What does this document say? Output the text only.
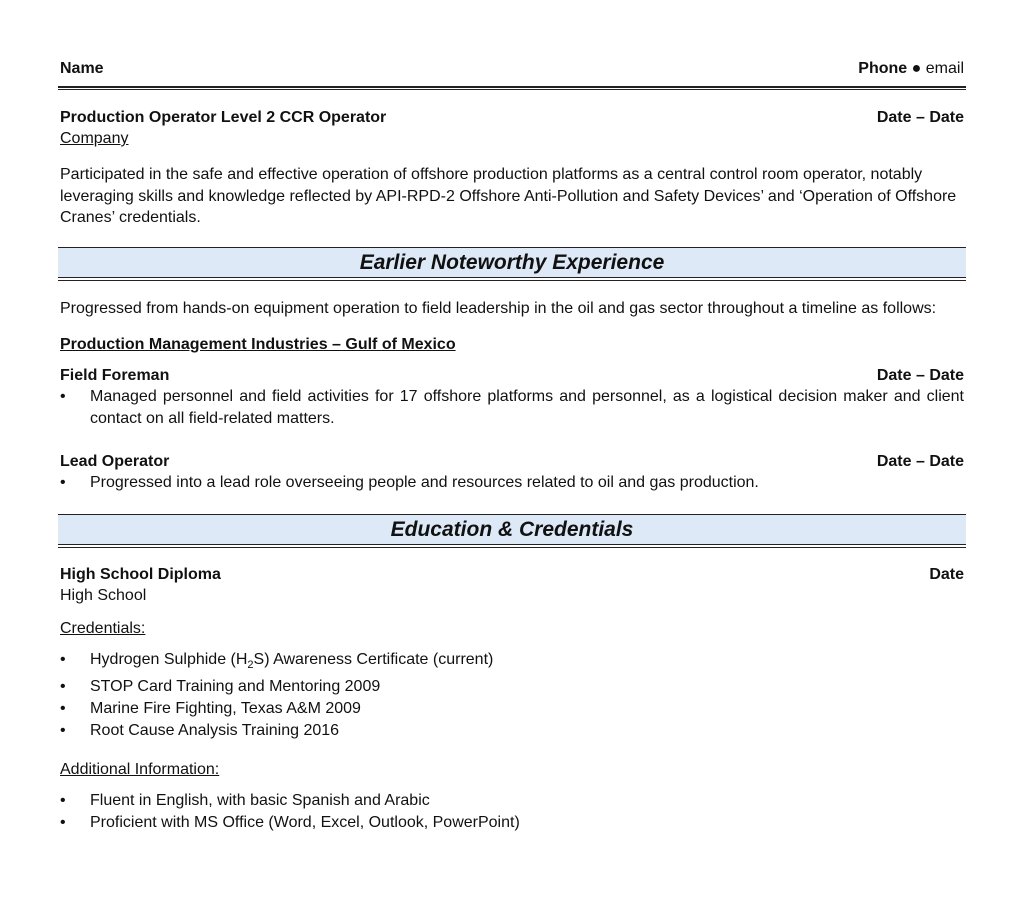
Name	Phone ● email
Production Operator Level 2 CCR Operator	Date – Date
Company
Participated in the safe and effective operation of offshore production platforms as a central control room operator, notably leveraging skills and knowledge reflected by API-RPD-2 Offshore Anti-Pollution and Safety Devices’ and ‘Operation of Offshore Cranes’ credentials.
Earlier Noteworthy Experience
Progressed from hands-on equipment operation to field leadership in the oil and gas sector throughout a timeline as follows:
Production Management Industries – Gulf of Mexico
Field Foreman	Date – Date
• Managed personnel and field activities for 17 offshore platforms and personnel, as a logistical decision maker and client contact on all field-related matters.
Lead Operator	Date – Date
• Progressed into a lead role overseeing people and resources related to oil and gas production.
Education & Credentials
High School Diploma	Date
High School
Credentials:
• Hydrogen Sulphide $(H_2S)$ Awareness Certificate (current)
• STOP Card Training and Mentoring 2009
• Marine Fire Fighting, Texas A&M 2009
• Root Cause Analysis Training 2016
Additional Information:
• Fluent in English, with basic Spanish and Arabic
• Proficient with MS Office (Word, Excel, Outlook, PowerPoint)
